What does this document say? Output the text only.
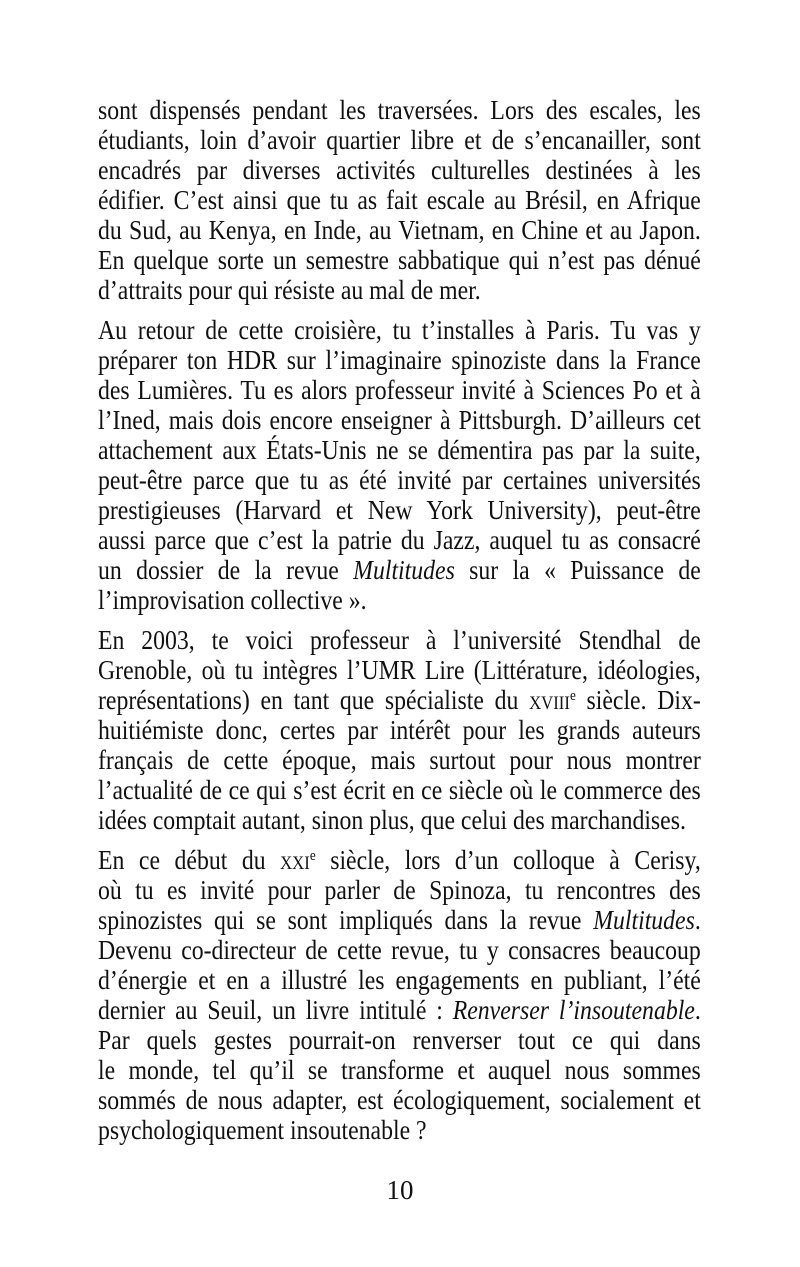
sont dispensés pendant les traversées. Lors des escales, les
étudiants, loin d’avoir quartier libre et de s’encanailler, sont
encadrés par diverses activités culturelles destinées à les
édifier. C’est ainsi que tu as fait escale au Brésil, en Afrique
du Sud, au Kenya, en Inde, au Vietnam, en Chine et au Japon.
En quelque sorte un semestre sabbatique qui n’est pas dénué
d’attraits pour qui résiste au mal de mer.
Au retour de cette croisière, tu t’installes à Paris. Tu vas y
préparer ton HDR sur l’imaginaire spinoziste dans la France
des Lumières. Tu es alors professeur invité à Sciences Po et à
l’Ined, mais dois encore enseigner à Pittsburgh. D’ailleurs cet
attachement aux États-Unis ne se démentira pas par la suite,
peut-être parce que tu as été invité par certaines universités
prestigieuses (Harvard et New York University), peut-être
aussi parce que c’est la patrie du Jazz, auquel tu as consacré
un dossier de la revue Multitudes sur la « Puissance de
l’improvisation collective ».
En 2003, te voici professeur à l’université Stendhal de
Grenoble, où tu intègres l’UMR Lire (Littérature, idéologies,
représentations) en tant que spécialiste du xviii$^e$ siècle. Dix-
huitiémiste donc, certes par intérêt pour les grands auteurs
français de cette époque, mais surtout pour nous montrer
l’actualité de ce qui s’est écrit en ce siècle où le commerce des
idées comptait autant, sinon plus, que celui des marchandises.
En ce début du xxi$^e$ siècle, lors d’un colloque à Cerisy,
où tu es invité pour parler de Spinoza, tu rencontres des
spinozistes qui se sont impliqués dans la revue Multitudes.
Devenu co-directeur de cette revue, tu y consacres beaucoup
d’énergie et en a illustré les engagements en publiant, l’été
dernier au Seuil, un livre intitulé : Renverser l’insoutenable.
Par quels gestes pourrait-on renverser tout ce qui dans
le monde, tel qu’il se transforme et auquel nous sommes
sommés de nous adapter, est écologiquement, socialement et
psychologiquement insoutenable ?
10
